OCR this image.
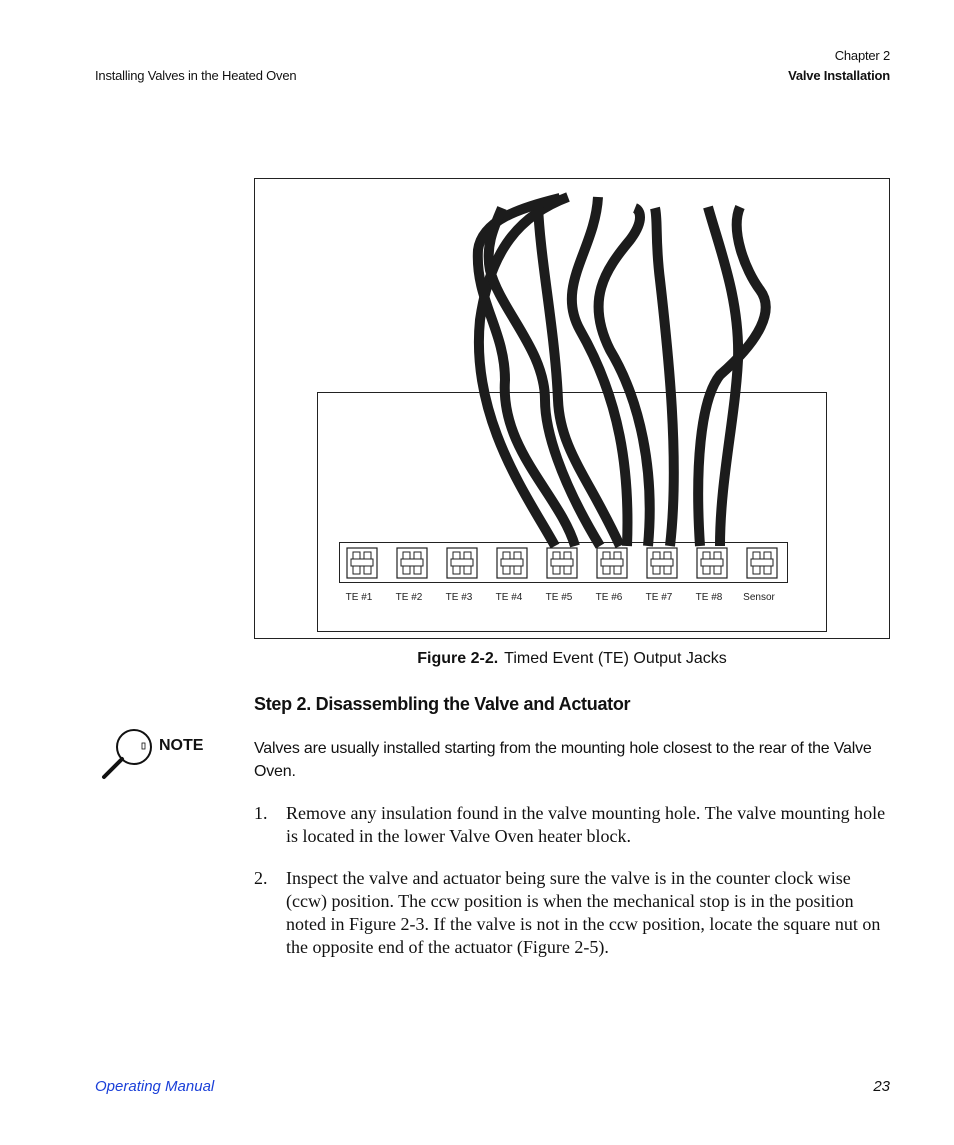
Installing Valves in the Heated Oven
Chapter 2
Valve Installation
TE #1 TE #2 TE #3 TE #4 TE #5 TE #6 TE #7 TE #8 Sensor
Figure 2-2. Timed Event (TE) Output Jacks
Step 2. Disassembling the Valve and Actuator
NOTE	Valves are usually installed starting from the mounting hole closest to the rear of the Valve Oven.
1. Remove any insulation found in the valve mounting hole. The valve mounting hole is located in the lower Valve Oven heater block.
2. Inspect the valve and actuator being sure the valve is in the counter clock wise (ccw) position. The ccw position is when the mechanical stop is in the position noted in Figure 2-3. If the valve is not in the ccw position, locate the square nut on the opposite end of the actuator (Figure 2-5).
Operating Manual	23
